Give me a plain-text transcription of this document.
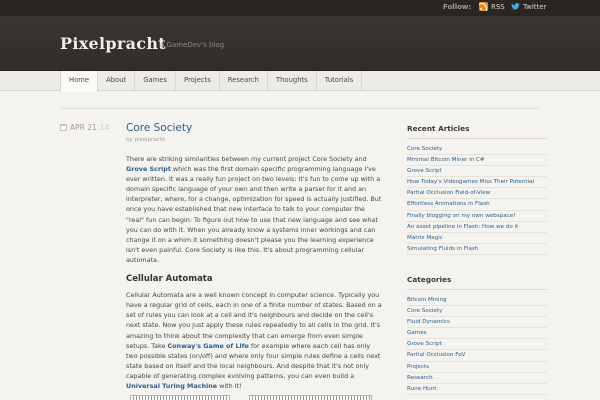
Follow:	RSS	Twitter
Pixelpracht
a GameDev's blog
Home	About	Games	Projects	Research	Thoughts	Tutorials
APR 21 14 Core Society
by pixelpracht

There are striking similarities between my current project Core Society and Grove Script which was the first domain specific programming language I've ever written. It was a really fun project on two levels: It's fun to come up with a domain specific language of your own and then write a parser for it and an interpreter, where, for a change, optimization for speed is actually justified. But once you have established that new interface to talk to your computer the "real" fun can begin: To figure out how to use that new language and see what you can do with it. When you already know a systems inner workings and can change it on a whim it something doesn't please you the learning experience isn't even painful. Core Society is like this. It's about programming cellular automata.

Cellular Automata

Cellular Automata are a well known concept in computer science. Typically you have a regular grid of cells, each in one of a finite number of states. Based on a set of rules you can look at a cell and it's neighbours and decide on the cell's next state. Now you just apply these rules repeatedly to all cells in the grid. It's amazing to think about the complexity that can emerge from even simple setups. Take Conway's Game of Life for example where each cell has only two possible states (on/off) and where only four simple rules define a cells next state based on itself and the local neighbours. And despite that it's not only capable of generating complex evolving patterns, you can even build a Universal Turing Machine with it!

Recent Articles
Core Society
Minimal Bitcoin Miner in C#
Grove Script
How Today's Videogames Miss Their Potential
Partial Occlusion Field-of-View
Effortless Animations in Flash
Finally blogging on my own webspace!
An asset pipeline in Flash: How we do it
Matrix Magic
Simulating Fluids in Flash
Categories
Bitcoin Mining
Core Society
Fluid Dynamics
Games
Grove Script
Partial Occlusion FoV
Projects
Research
Rune Hunt
